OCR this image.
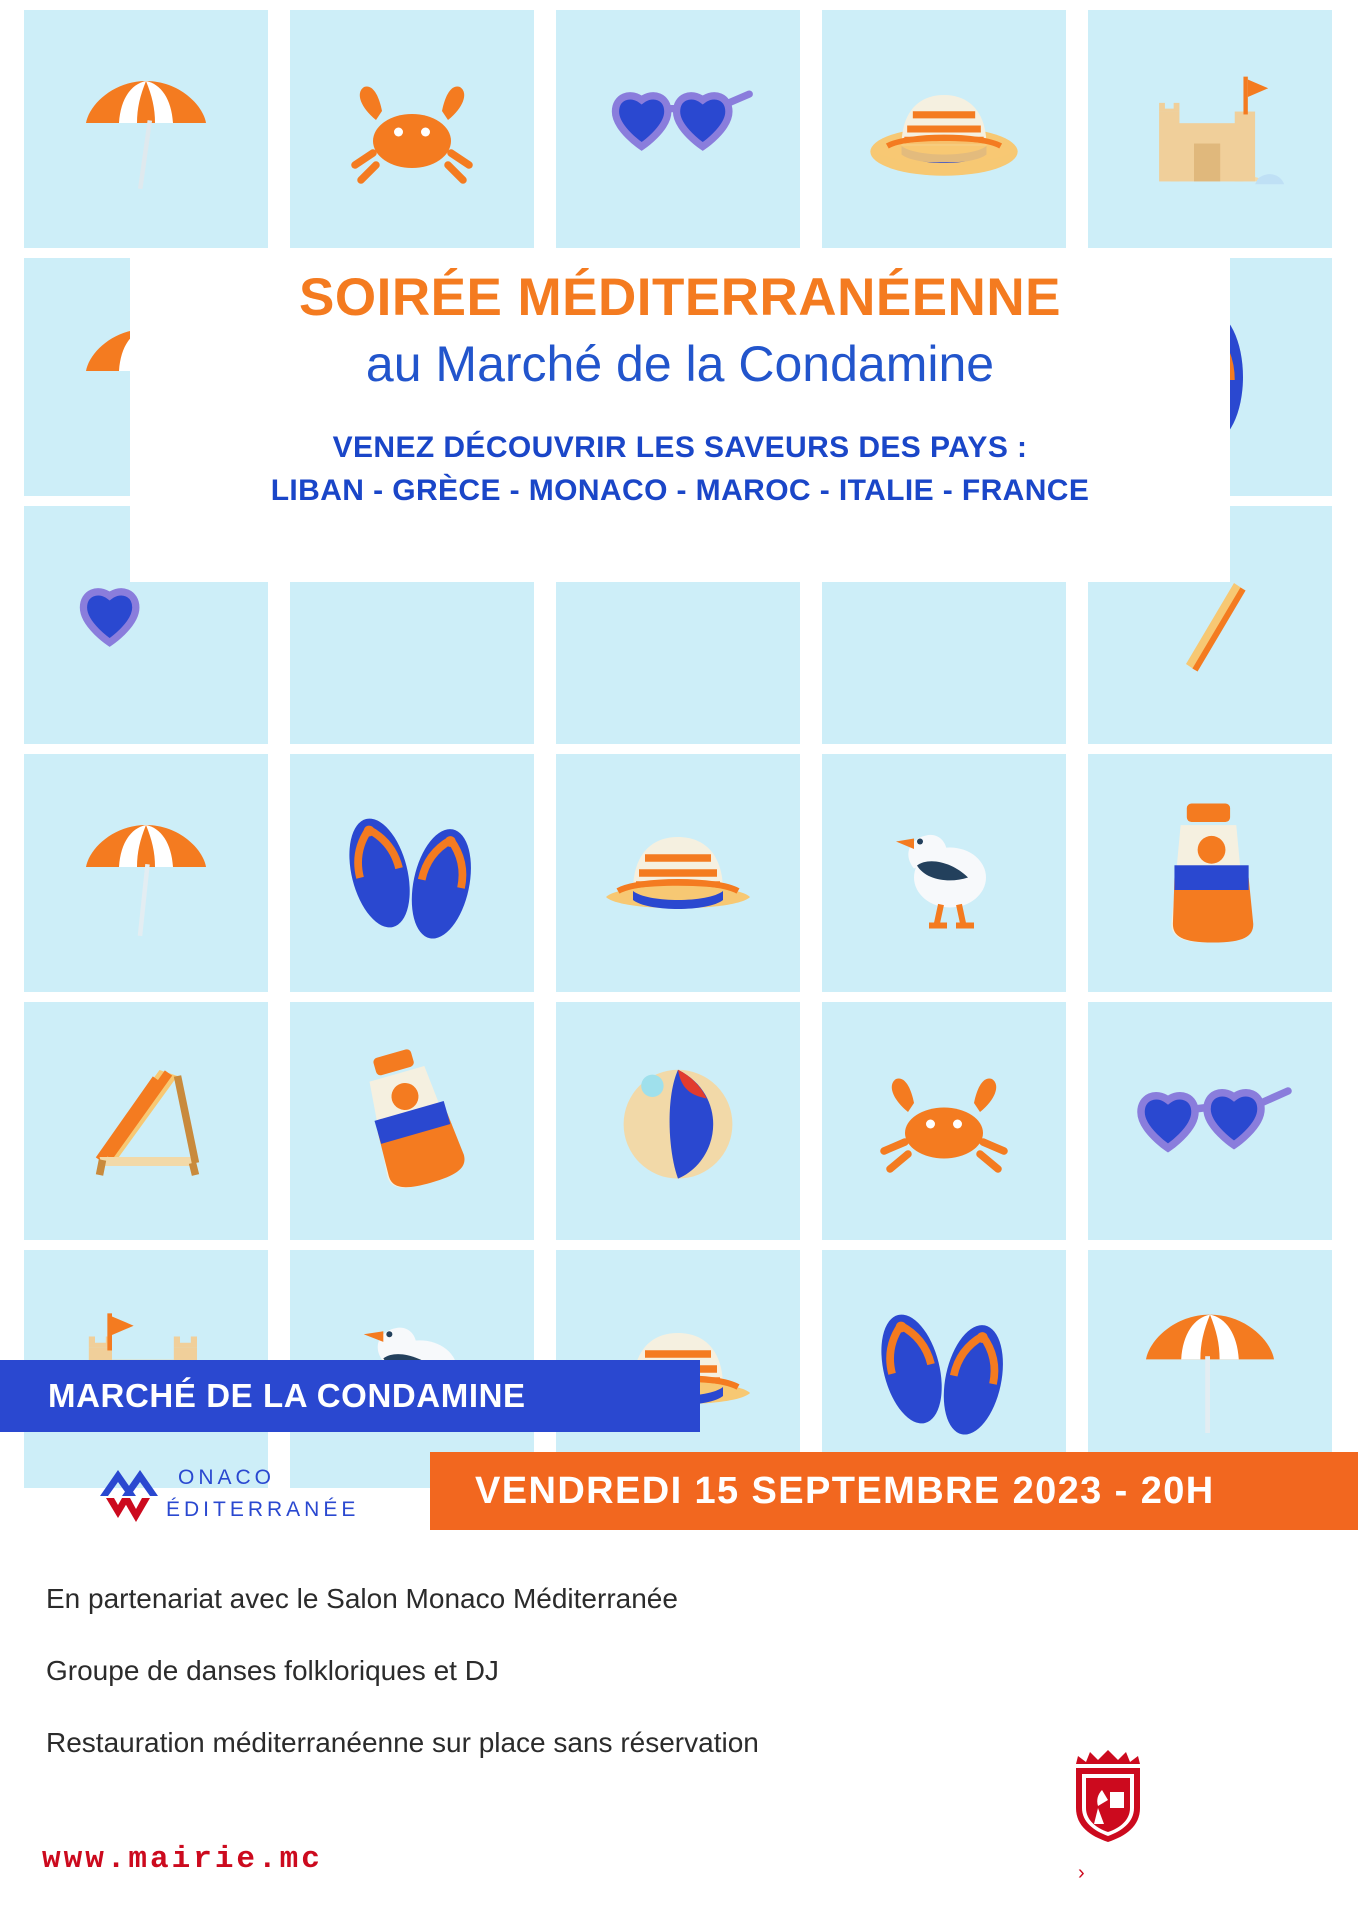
SOIRÉE MÉDITERRANÉENNE
au Marché de la Condamine
VENEZ DÉCOUVRIR LES SAVEURS DES PAYS :
LIBAN - GRÈCE - MONACO - MAROC - ITALIE - FRANCE
MARCHÉ DE LA CONDAMINE
VENDREDI 15 SEPTEMBRE 2023 - 20H
ONACO
ÉDITERRANÉE
En partenariat avec le Salon Monaco Méditerranée
Groupe de danses folkloriques et DJ
Restauration méditerranéenne sur place sans réservation
www.mairie.mc	›
